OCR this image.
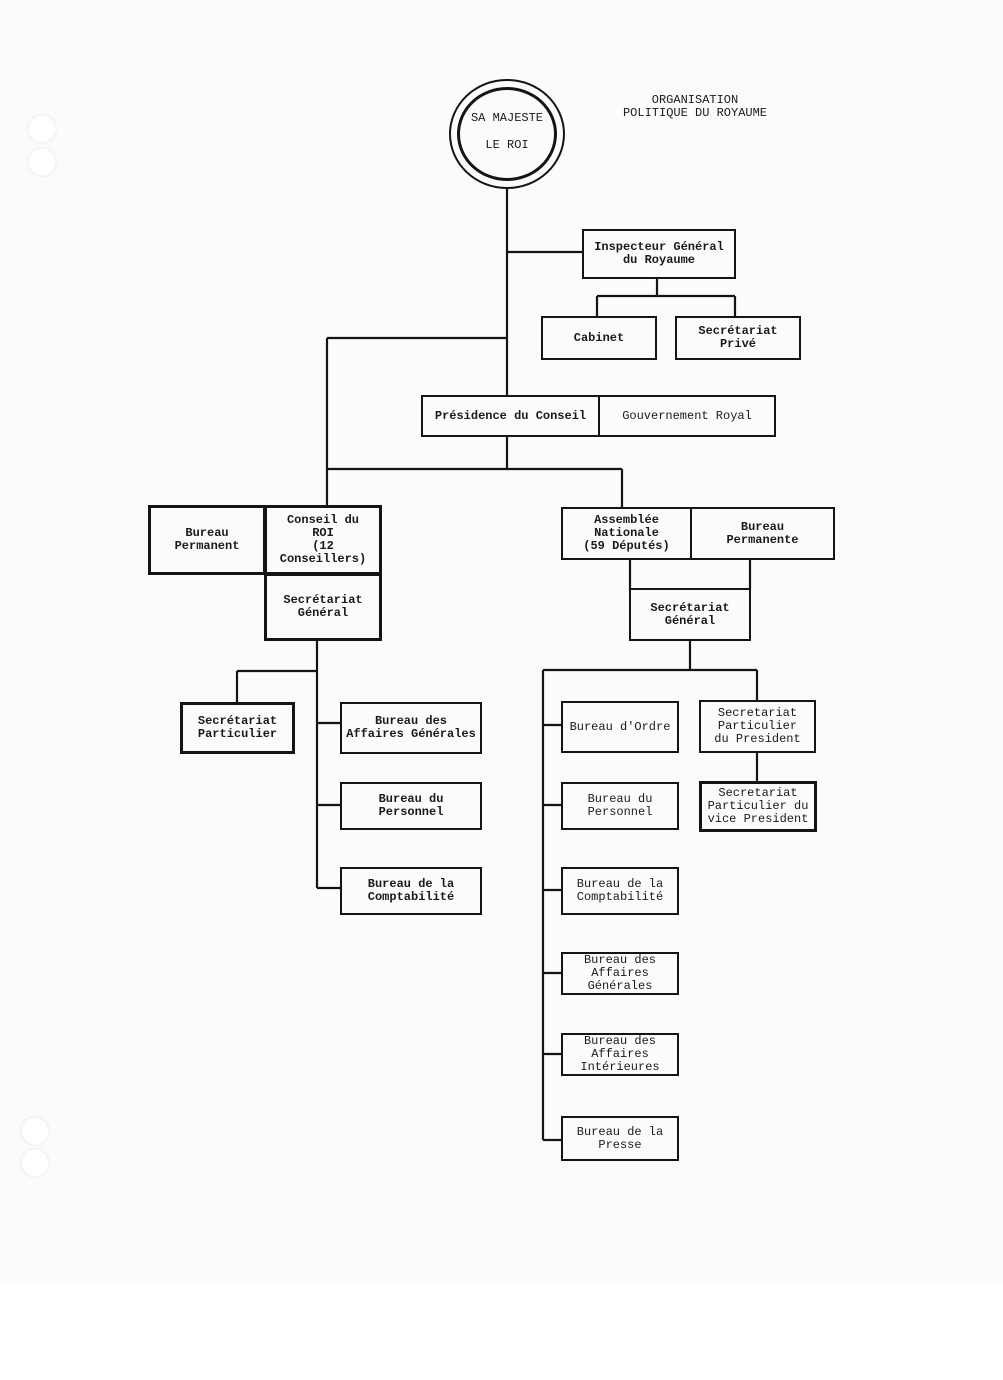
SA MAJESTE
LE ROI
ORGANISATION
POLITIQUE DU ROYAUME
Inspecteur Général
du Royaume
Cabinet	Secrétariat
Privé
Présidence du Conseil	Gouvernement Royal
Bureau
Permanent
Conseil du
ROI
(12 Conseillers)
Secrétariat
Général
Secrétariat
Particulier
Bureau des
Affaires Générales
Bureau du
Personnel
Bureau de la
Comptabilité
Assemblée
Nationale
(59 Députés)
Bureau
Permanente
Secrétariat
Général
Bureau d'Ordre
Bureau du
Personnel
Bureau de la
Comptabilité
Bureau des
Affaires
Générales
Bureau des
Affaires
Intérieures
Bureau de la
Presse
Secretariat
Particulier
du President
Secretariat
Particulier du
vice President
